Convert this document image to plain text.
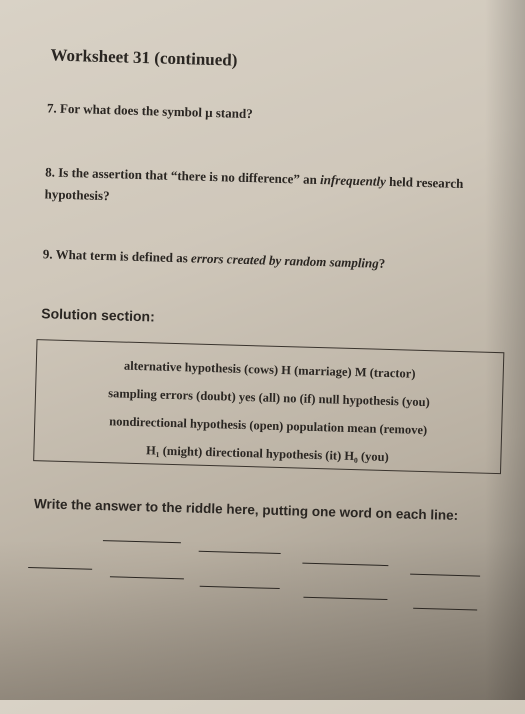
Worksheet 31 (continued)
7. For what does the symbol μ stand?
8. Is the assertion that “there is no difference” an infrequently held research hypothesis?
9. What term is defined as errors created by random sampling?
Solution section:
alternative hypothesis (cows) H (marriage) M (tractor)
sampling errors (doubt) yes (all) no (if) null hypothesis (you)
nondirectional hypothesis (open) population mean (remove)
H₁ (might) directional hypothesis (it) H₀ (you)
Write the answer to the riddle here, putting one word on each line:
